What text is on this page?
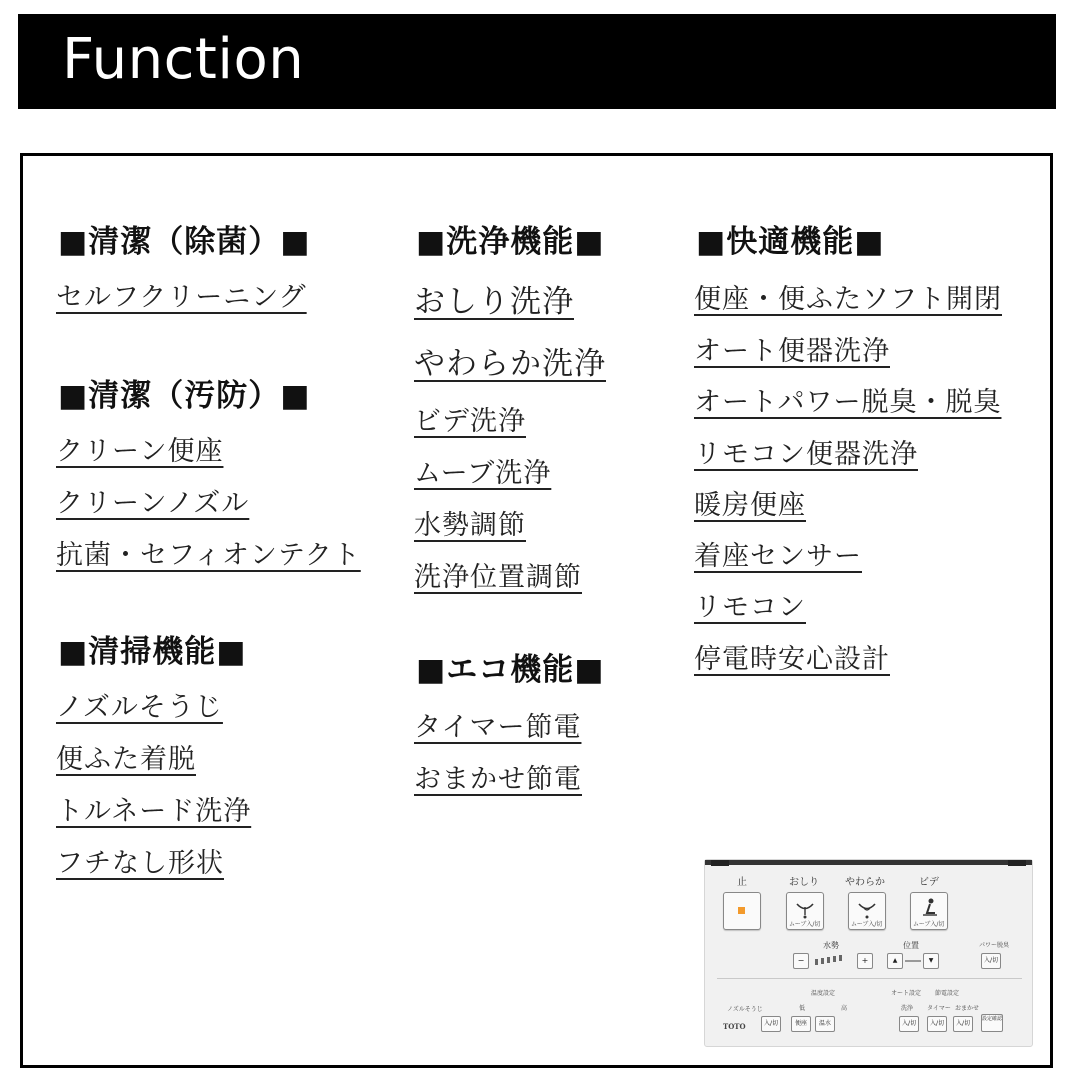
Function
■清潔（除菌）■
セルフクリーニング
■清潔（汚防）■
クリーン便座
クリーンノズル
抗菌・セフィオンテクト
■清掃機能■
ノズルそうじ
便ふた着脱
トルネード洗浄
フチなし形状
■洗浄機能■
おしり洗浄
やわらか洗浄
ビデ洗浄
ムーブ洗浄
水勢調節
洗浄位置調節
■エコ機能■
タイマー節電
おまかせ節電
■快適機能■
便座・便ふたソフト開閉
オート便器洗浄
オートパワー脱臭・脱臭
リモコン便器洗浄
暖房便座
着座センサー
リモコン
停電時安心設計
止	おしり	やわらか	ビデ
ムーブ入/切	ムーブ入/切	ムーブ入/切
水勢	位置	パワー脱臭
−	+	▲	▼	入/切
温度設定
低	高
ノズルそうじ
入/切	便座	温水
オート設定 節電設定
洗浄 タイマー おまかせ
入/切	入/切	入/切
設定確認
TOTO
